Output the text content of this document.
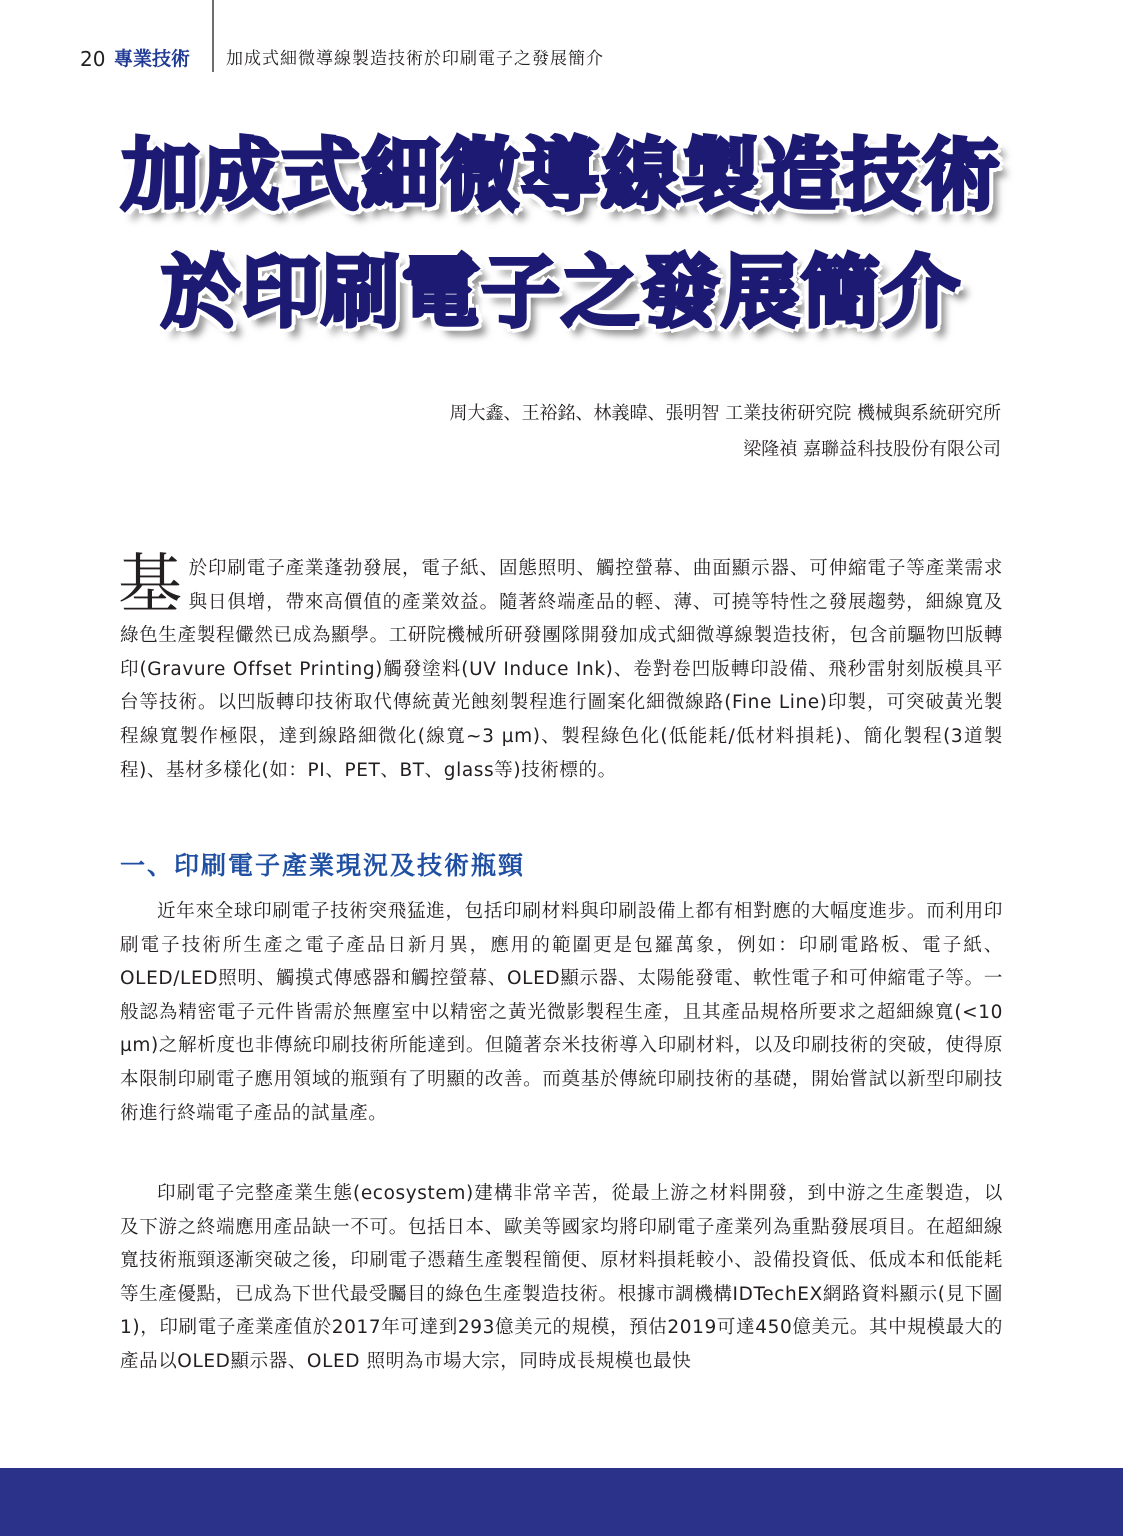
20 專業技術 加成式細微導線製造技術於印刷電子之發展簡介
加成式細微導線製造技術
於印刷電子之發展簡介
周大鑫、王裕銘、林義暐、張明智 工業技術研究院 機械與系統研究所
梁隆禎 嘉聯益科技股份有限公司
基於印刷電子產業蓬勃發展，電子紙、固態照明、觸控螢幕、曲面顯示器、可伸縮電子等產業需求與日俱增，帶來高價值的產業效益。隨著終端產品的輕、薄、可撓等特性之發展趨勢，細線寬及綠色生產製程儼然已成為顯學。工研院機械所研發團隊開發加成式細微導線製造技術，包含前驅物凹版轉印(Gravure Offset Printing)觸發塗料(UV Induce Ink)、卷對卷凹版轉印設備、飛秒雷射刻版模具平台等技術。以凹版轉印技術取代傳統黃光蝕刻製程進行圖案化細微線路(Fine Line)印製，可突破黃光製程線寬製作極限，達到線路細微化(線寬~3 µm)、製程綠色化(低能耗/低材料損耗)、簡化製程(3道製程)、基材多樣化(如：PI、PET、BT、glass等)技術標的。
一、印刷電子產業現況及技術瓶頸
近年來全球印刷電子技術突飛猛進，包括印刷材料與印刷設備上都有相對應的大幅度進步。而利用印刷電子技術所生產之電子產品日新月異，應用的範圍更是包羅萬象，例如：印刷電路板、電子紙、OLED/LED照明、觸摸式傳感器和觸控螢幕、OLED顯示器、太陽能發電、軟性電子和可伸縮電子等。一般認為精密電子元件皆需於無塵室中以精密之黃光微影製程生產，且其產品規格所要求之超細線寬(<10 µm)之解析度也非傳統印刷技術所能達到。但隨著奈米技術導入印刷材料，以及印刷技術的突破，使得原本限制印刷電子應用領域的瓶頸有了明顯的改善。而奠基於傳統印刷技術的基礎，開始嘗試以新型印刷技術進行終端電子產品的試量產。
印刷電子完整產業生態(ecosystem)建構非常辛苦，從最上游之材料開發，到中游之生產製造，以及下游之終端應用產品缺一不可。包括日本、歐美等國家均將印刷電子產業列為重點發展項目。在超細線寬技術瓶頸逐漸突破之後，印刷電子憑藉生產製程簡便、原材料損耗較小、設備投資低、低成本和低能耗等生產優點，已成為下世代最受矚目的綠色生產製造技術。根據市調機構IDTechEX網路資料顯示(見下圖1)，印刷電子產業產值於2017年可達到293億美元的規模，預估2019可達450億美元。其中規模最大的產品以OLED顯示器、OLED 照明為市場大宗，同時成長規模也最快
